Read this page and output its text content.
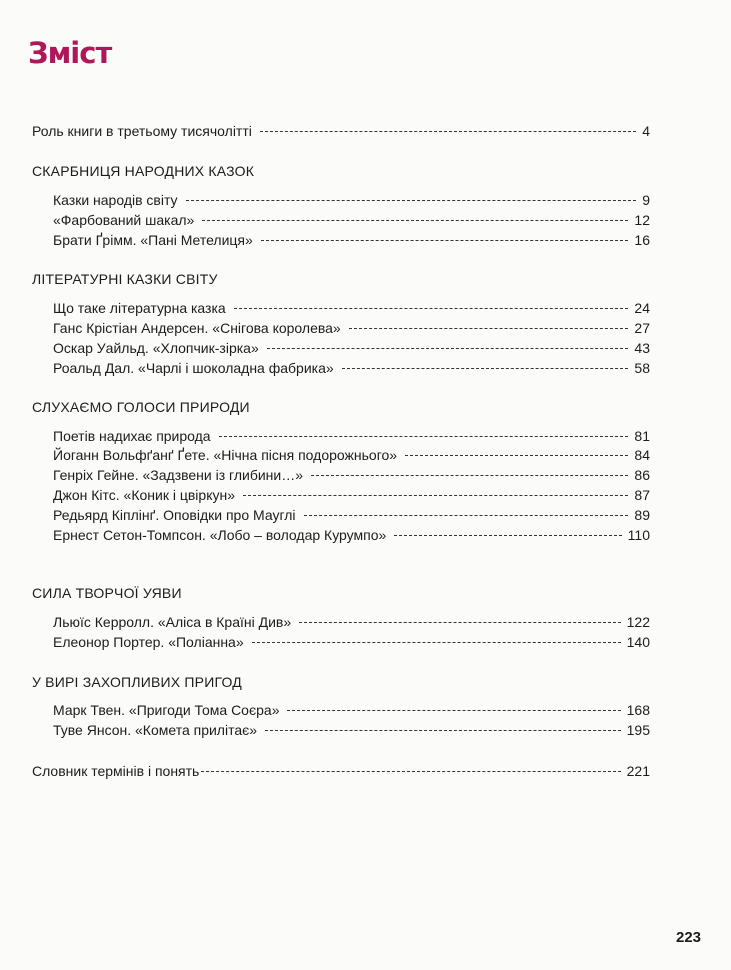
Зміст
Роль книги в третьому тисячолітті	4
СКАРБНИЦЯ НАРОДНИХ КАЗОК
Казки народів світу	9
«Фарбований шакал»	12
Брати Ґрімм. «Пані Метелиця»	16
ЛІТЕРАТУРНІ КАЗКИ СВІТУ
Що таке літературна казка	24
Ганс Крістіан Андерсен. «Снігова королева»	27
Оскар Уайльд. «Хлопчик-зірка»	43
Роальд Дал. «Чарлі і шоколадна фабрика»	58
СЛУХАЄМО ГОЛОСИ ПРИРОДИ
Поетів надихає природа	81
Йоганн Вольфґанґ Ґете. «Нічна пісня подорожнього»	84
Генріх Гейне. «Задзвени із глибини…»	86
Джон Кітс. «Коник і цвіркун»	87
Редьярд Кіплінґ. Оповідки про Мауглі	89
Ернест Сетон-Томпсон. «Лобо – володар Курумпо»	110
СИЛА ТВОРЧОЇ УЯВИ
Льюїс Керролл. «Аліса в Країні Див»	122
Елеонор Портер. «Поліанна»	140
У ВИРІ ЗАХОПЛИВИХ ПРИГОД
Марк Твен. «Пригоди Тома Соєра»	168
Туве Янсон. «Комета прилітає»	195
Словник термінів і понять	221
223
